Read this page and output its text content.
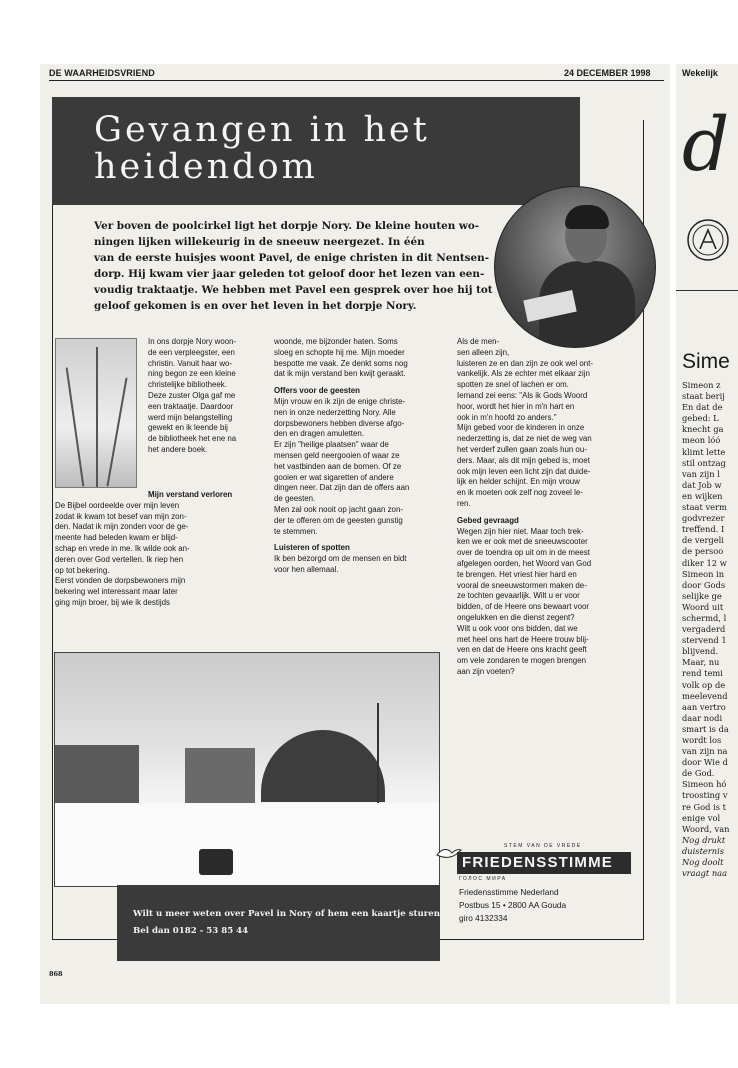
DE WAARHEIDSVRIEND	24 DECEMBER 1998
Gevangen in het
heidendom
Ver boven de poolcirkel ligt het dorpje Nory. De kleine houten wo-
ningen lijken willekeurig in de sneeuw neergezet. In één
van de eerste huisjes woont Pavel, de enige christen in dit Nentsen-
dorp. Hij kwam vier jaar geleden tot geloof door het lezen van een-
voudig traktaatje. We hebben met Pavel een gesprek over hoe hij tot
geloof gekomen is en over het leven in het dorpje Nory.
In ons dorpje Nory woon-
de een verpleegster, een
christin. Vanuit haar wo-
ning begon ze een kleine
christelijke bibliotheek.
Deze zuster Olga gaf me
een traktaatje. Daardoor
werd mijn belangstelling
gewekt en ik leende bij
de bibliotheek het ene na
het andere boek.
Mijn verstand verloren
De Bijbel oordeelde over mijn leven
zodat ik kwam tot besef van mijn zon-
den. Nadat ik mijn zonden voor de ge-
meente had beleden kwam er blijd-
schap en vrede in me. Ik wilde ook an-
deren over God vertellen. Ik riep hen
op tot bekering.
Eerst vonden de dorpsbewoners mijn
bekering wel interessant maar later
ging mijn broer, bij wie ik destijds
woonde, me bijzonder haten. Soms
sloeg en schopte hij me. Mijn moeder
bespotte me vaak. Ze denkt soms nog
dat ik mijn verstand ben kwijt geraakt.
Offers voor de geesten
Mijn vrouw en ik zijn de enige christe-
nen in onze nederzetting Nory. Alle
dorpsbewoners hebben diverse afgo-
den en dragen amuletten.
Er zijn "heilige plaatsen" waar de
mensen geld neergooien of waar ze
het vastbinden aan de bomen. Of ze
gooien er wat sigaretten of andere
dingen neer. Dat zijn dan de offers aan
de geesten.
Men zal ook nooit op jacht gaan zon-
der te offeren om de geesten gunstig
te stemmen.
Luisteren of spotten
Ik ben bezorgd om de mensen en bidt
voor hen allemaal.
Als de men-
sen alleen zijn,
luisteren ze en dan zijn ze ook wel ont-
vankelijk. Als ze echter met elkaar zijn
spotten ze snel of lachen er om.
Iemand zei eens: "Als ik Gods Woord
hoor, wordt het hier in m'n hart en
ook in m'n hoofd zo anders."
Mijn gebed voor de kinderen in onze
nederzetting is, dat ze niet de weg van
het verderf zullen gaan zoals hun ou-
ders. Maar, als dit mijn gebed is, moet
ook mijn leven een licht zijn dat duide-
lijk en helder schijnt. En mijn vrouw
en ik moeten ook zelf nog zoveel le-
ren.
Gebed gevraagd
Wegen zijn hier niet. Maar toch trek-
ken we er ook met de sneeuwscooter
over de toendra op uit om in de meest
afgelegen oorden, het Woord van God
te brengen. Het vriest hier hard en
vooral de sneeuwstormen maken de-
ze tochten gevaarlijk. Wilt u er voor
bidden, of de Heere ons bewaart voor
ongelukken en die dienst zegent?
Wilt u ook voor ons bidden, dat we
met heel ons hart de Heere trouw blij-
ven en dat de Heere ons kracht geeft
om vele zondaren te mogen brengen
aan zijn voeten?
Wilt u meer weten over Pavel in Nory of hem een kaartje sturen?
Bel dan 0182 - 53 85 44
STEM VAN DE VREDE
FRIEDENSSTIMME
ГОЛОС МИРА
Friedensstimme Nederland
Postbus 15 • 2800 AA Gouda
giro 4132334
868
Wekelijk
d
Sime
Simeon z
staat berij
En dat de
gebed: L
knecht ga
meon lóó
klimt lette
stil ontzag
van zijn l
dat Job w
en wijken
staat verm
godvrezer
treffend. I
de vergeli
de persoo
diker 12 w
Simeon in
door Gods
selijke ge
Woord uit
schermd, l
vergaderd
stervend 1
blijvend.
Maar, nu
rend temi
volk op de
meelevend
aan vertro
daar nodi
smart is da
wordt los
van zijn na
door Wie d
de God.
Simeon hó
troosting v
re God is t
enige vol
Woord, van
Nog drukt
duisternis
Nog doolt
vraagt naa
